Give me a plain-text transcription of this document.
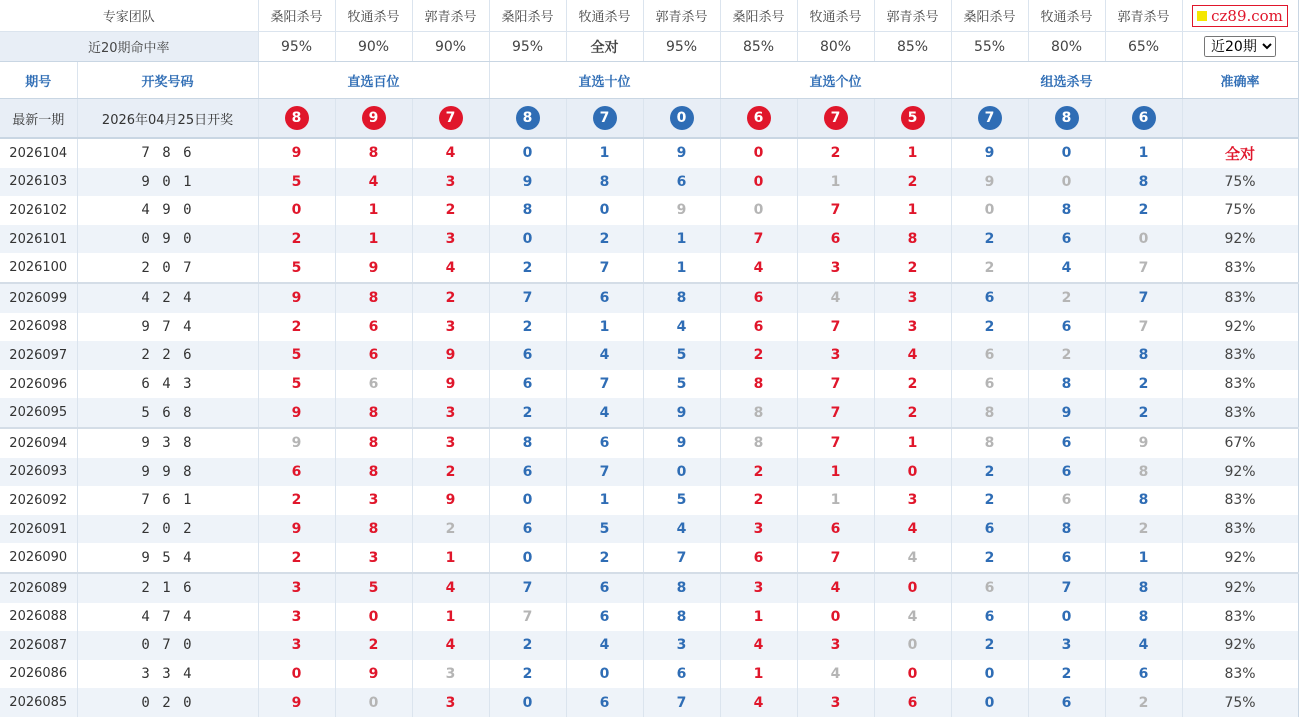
专家团队		桑阳杀号	牧通杀号	郭青杀号	桑阳杀号	牧通杀号	郭青杀号	桑阳杀号	牧通杀号	郭青杀号	桑阳杀号	牧通杀号	郭青杀号	cz89.com

近20期命中率		95%	90%	90%	95%	全对	95%	85%	80%	85%	55%	80%	65%	
近20期
期号	开奖号码	直选百位			直选十位			直选个位			组选杀号			准确率
最新一期	2026年04月25日开奖	8	9	7	8	7	0	6	7	5	7	8	6	
2026104	7 8 6	9	8	4	0	1	9	0	2	1	9	0	1	全对
2026103	9 0 1	5	4	3	9	8	6	0	1	2	9	0	8	75%
2026102	4 9 0	0	1	2	8	0	9	0	7	1	0	8	2	75%
2026101	0 9 0	2	1	3	0	2	1	7	6	8	2	6	0	92%
2026100	2 0 7	5	9	4	2	7	1	4	3	2	2	4	7	83%
2026099	4 2 4	9	8	2	7	6	8	6	4	3	6	2	7	83%
2026098	9 7 4	2	6	3	2	1	4	6	7	3	2	6	7	92%
2026097	2 2 6	5	6	9	6	4	5	2	3	4	6	2	8	83%
2026096	6 4 3	5	6	9	6	7	5	8	7	2	6	8	2	83%
2026095	5 6 8	9	8	3	2	4	9	8	7	2	8	9	2	83%
2026094	9 3 8	9	8	3	8	6	9	8	7	1	8	6	9	67%
2026093	9 9 8	6	8	2	6	7	0	2	1	0	2	6	8	92%
2026092	7 6 1	2	3	9	0	1	5	2	1	3	2	6	8	83%
2026091	2 0 2	9	8	2	6	5	4	3	6	4	6	8	2	83%
2026090	9 5 4	2	3	1	0	2	7	6	7	4	2	6	1	92%
2026089	2 1 6	3	5	4	7	6	8	3	4	0	6	7	8	92%
2026088	4 7 4	3	0	1	7	6	8	1	0	4	6	0	8	83%
2026087	0 7 0	3	2	4	2	4	3	4	3	0	2	3	4	92%
2026086	3 3 4	0	9	3	2	0	6	1	4	0	0	2	6	83%
2026085	0 2 0	9	0	3	0	6	7	4	3	6	0	6	2	75%
